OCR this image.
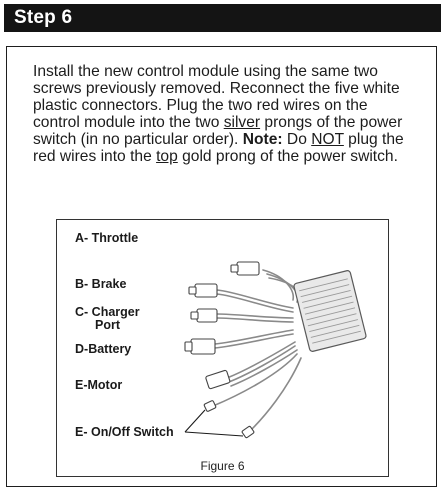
Step 6
Install the new control module using the same two screws previously removed. Reconnect the five white plastic connectors. Plug the two red wires on the control module into the two silver prongs of the power switch (in no particular order). Note: Do NOT plug the red wires into the top gold prong of the power switch.
A- Throttle
B- Brake
C- Charger
Port
D-Battery
E-Motor
E- On/Off Switch
Figure 6
